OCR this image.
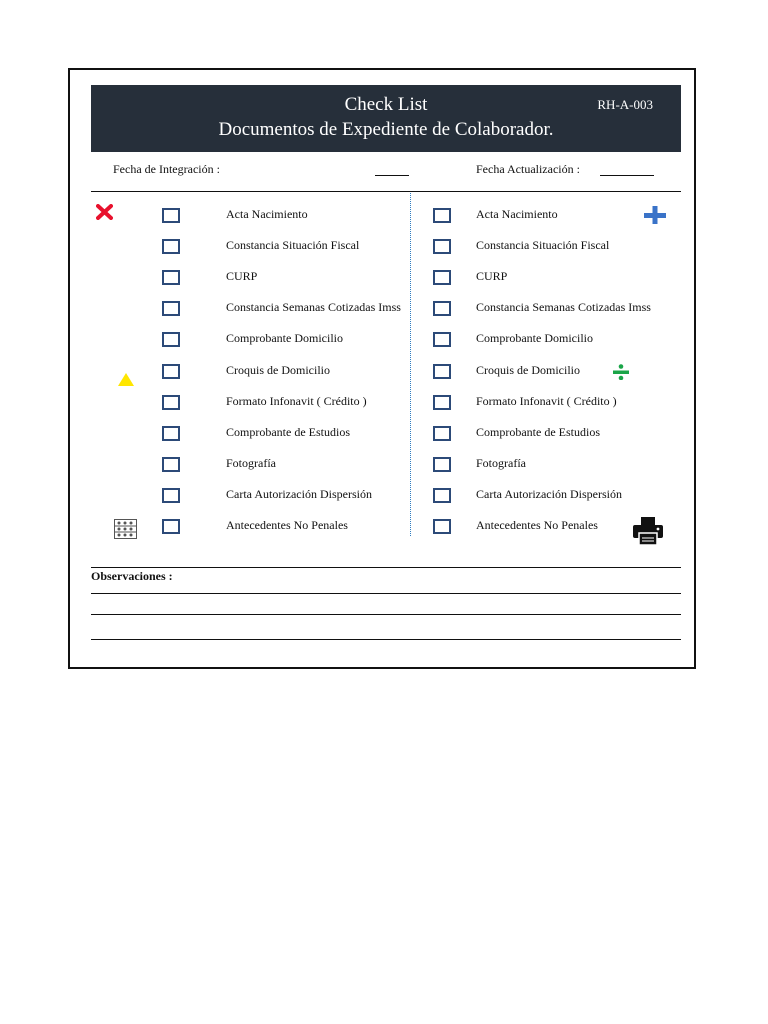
Check List
Documentos de Expediente de Colaborador.
RH-A-003
Fecha de Integración :	Fecha Actualización :
Acta Nacimiento
Constancia Situación Fiscal
CURP
Constancia Semanas Cotizadas Imss
Comprobante Domicilio
Croquis de Domicilio
Formato Infonavit ( Crédito )
Comprobante de Estudios
Fotografía
Carta Autorización Dispersión
Antecedentes No Penales
Acta Nacimiento
Constancia Situación Fiscal
CURP
Constancia Semanas Cotizadas Imss
Comprobante Domicilio
Croquis de Domicilio
Formato Infonavit ( Crédito )
Comprobante de Estudios
Fotografía
Carta Autorización Dispersión
Antecedentes No Penales
Observaciones :
